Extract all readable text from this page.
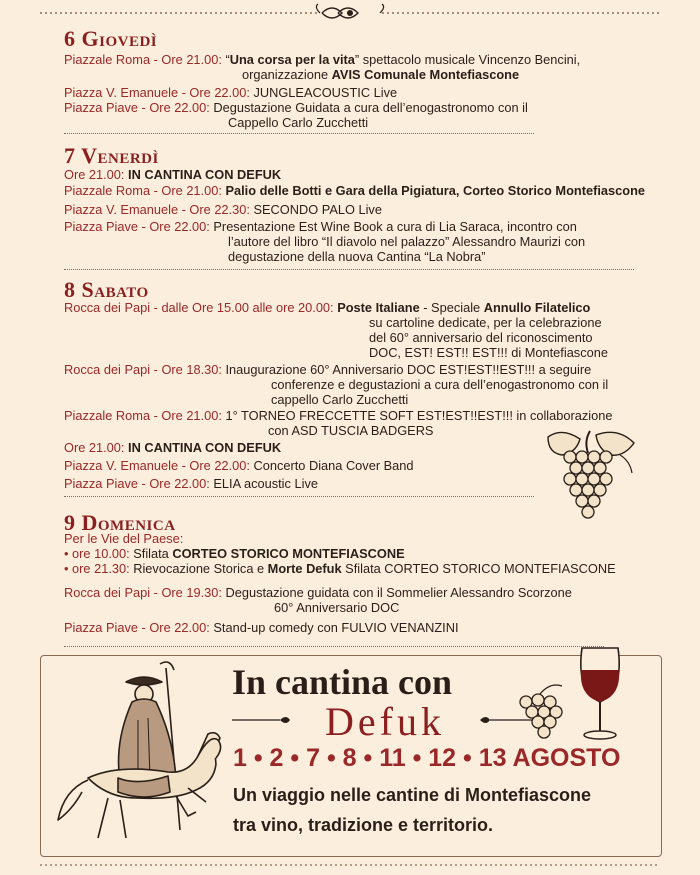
6 Giovedì
Piazzale Roma - Ore 21.00: “Una corsa per la vita” spettacolo musicale Vincenzo Bencini,
organizzazione AVIS Comunale Montefiascone
Piazza V. Emanuele - Ore 22.00: JUNGLEACOUSTIC Live
Piazza Piave - Ore 22.00: Degustazione Guidata a cura dell’enogastronomo con il
Cappello Carlo Zucchetti
7 Venerdì
Ore 21.00: IN CANTINA CON DEFUK
Piazzale Roma - Ore 21.00: Palio delle Botti e Gara della Pigiatura, Corteo Storico Montefiascone
Piazza V. Emanuele - Ore 22.30: SECONDO PALO Live
Piazza Piave - Ore 22.00: Presentazione Est Wine Book a cura di Lia Saraca, incontro con
l’autore del libro “Il diavolo nel palazzo” Alessandro Maurizi con
degustazione della nuova Cantina “La Nobra”
8 Sabato
Rocca dei Papi - dalle Ore 15.00 alle ore 20.00: Poste Italiane - Speciale Annullo Filatelico
su cartoline dedicate, per la celebrazione
del 60° anniversario del riconoscimento
DOC, EST! EST!! EST!!! di Montefiascone
Rocca dei Papi - Ore 18.30: Inaugurazione 60° Anniversario DOC EST!EST!!EST!!! a seguire
conferenze e degustazioni a cura dell’enogastronomo con il
cappello Carlo Zucchetti
Piazzale Roma - Ore 21.00: 1° TORNEO FRECCETTE SOFT EST!EST!!EST!!! in collaborazione
con ASD TUSCIA BADGERS
Ore 21.00: IN CANTINA CON DEFUK
Piazza V. Emanuele - Ore 22.00: Concerto Diana Cover Band
Piazza Piave - Ore 22.00: ELIA acoustic Live
9 Domenica
Per le Vie del Paese:
• ore 10.00: Sfilata CORTEO STORICO MONTEFIASCONE
• ore 21.30: Rievocazione Storica e Morte Defuk Sfilata CORTEO STORICO MONTEFIASCONE
Rocca dei Papi - Ore 19.30: Degustazione guidata con il Sommelier Alessandro Scorzone
60° Anniversario DOC
Piazza Piave - Ore 22.00: Stand-up comedy con FULVIO VENANZINI
In cantina con
Defuk
1 • 2 • 7 • 8 • 11 • 12 • 13 AGOSTO
Un viaggio nelle cantine di Montefiascone
tra vino, tradizione e territorio.
